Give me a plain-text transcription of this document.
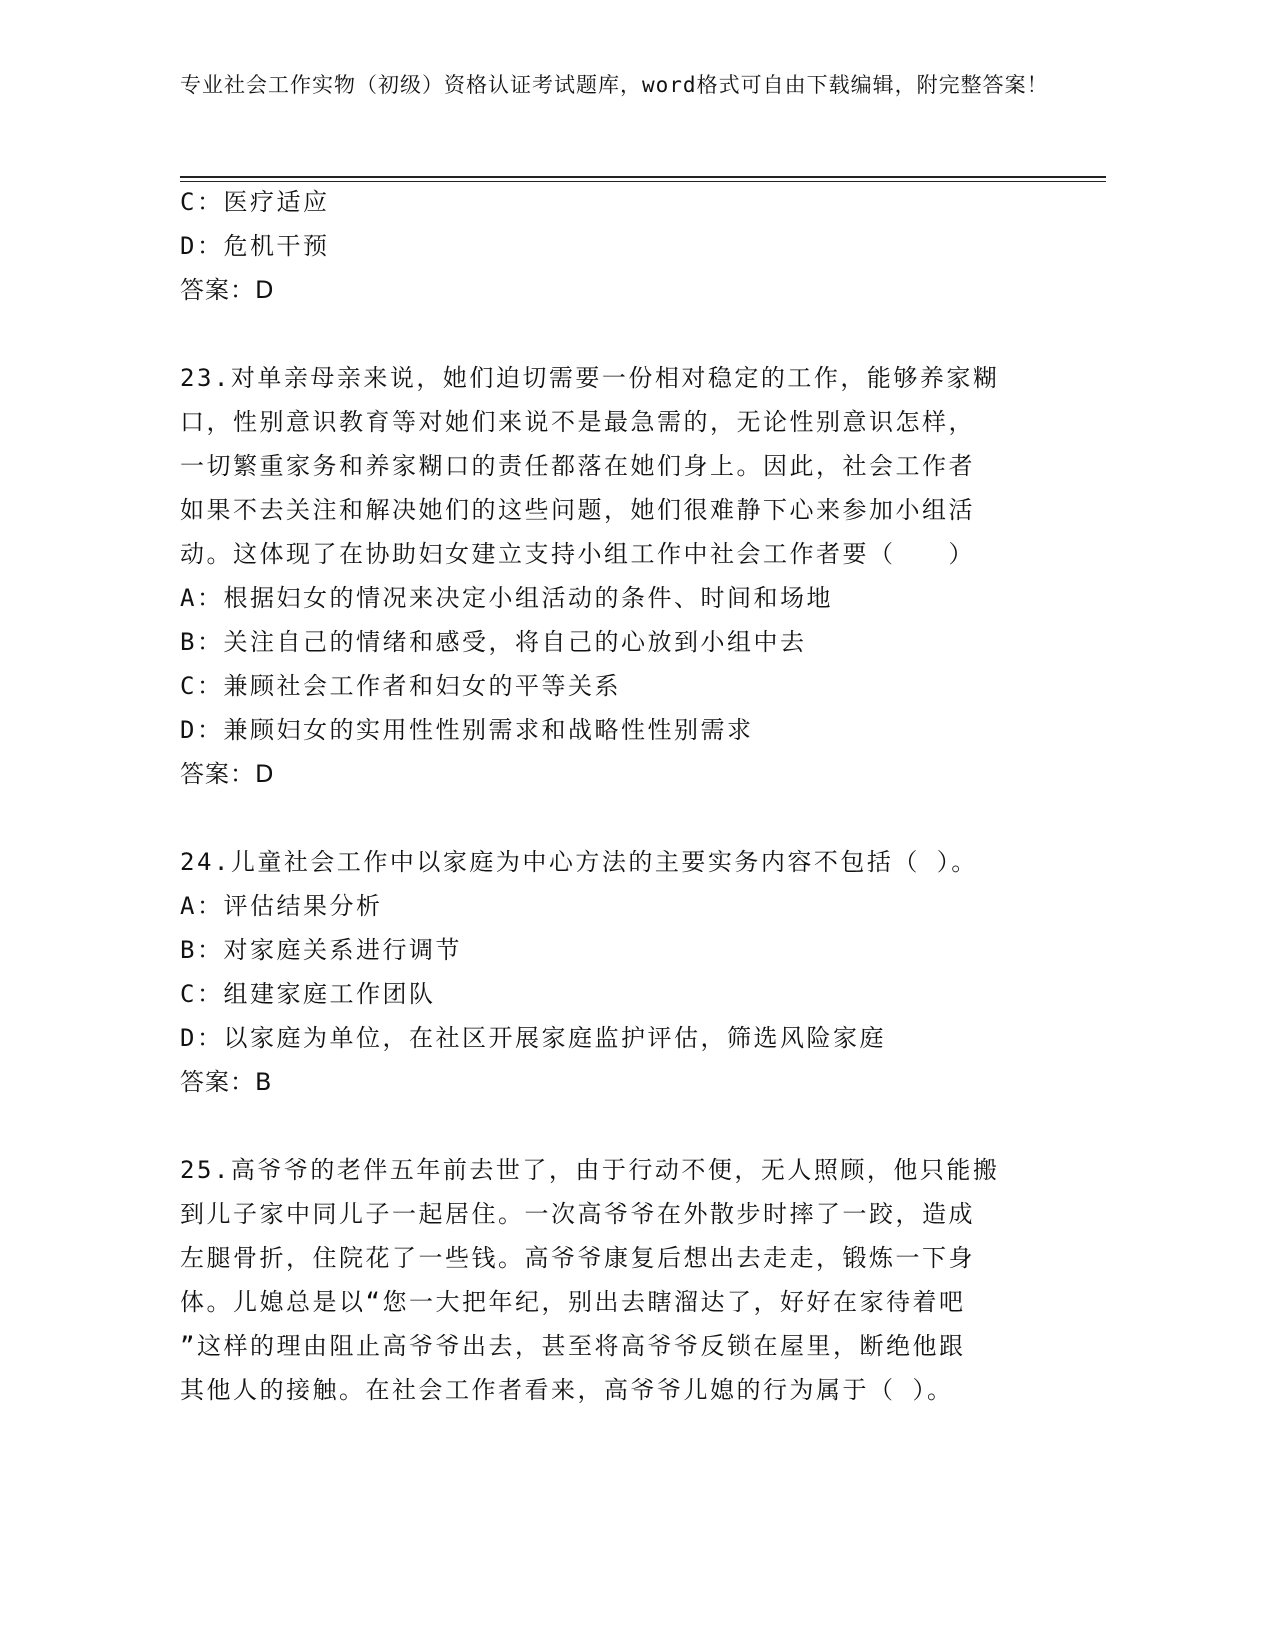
专业社会工作实物（初级）资格认证考试题库，word格式可自由下载编辑，附完整答案！
C：医疗适应
D：危机干预
答案：D
23.对单亲母亲来说，她们迫切需要一份相对稳定的工作，能够养家糊
口，性别意识教育等对她们来说不是最急需的，无论性别意识怎样，
一切繁重家务和养家糊口的责任都落在她们身上。因此，社会工作者
如果不去关注和解决她们的这些问题，她们很难静下心来参加小组活
动。这体现了在协助妇女建立支持小组工作中社会工作者要（　　）
A：根据妇女的情况来决定小组活动的条件、时间和场地
B：关注自己的情绪和感受，将自己的心放到小组中去
C：兼顾社会工作者和妇女的平等关系
D：兼顾妇女的实用性性别需求和战略性性别需求
答案：D
24.儿童社会工作中以家庭为中心方法的主要实务内容不包括（ ）。
A：评估结果分析
B：对家庭关系进行调节
C：组建家庭工作团队
D：以家庭为单位，在社区开展家庭监护评估，筛选风险家庭
答案：B
25.高爷爷的老伴五年前去世了，由于行动不便，无人照顾，他只能搬
到儿子家中同儿子一起居住。一次高爷爷在外散步时摔了一跤，造成
左腿骨折，住院花了一些钱。高爷爷康复后想出去走走，锻炼一下身
体。儿媳总是以“您一大把年纪，别出去瞎溜达了，好好在家待着吧
”这样的理由阻止高爷爷出去，甚至将高爷爷反锁在屋里，断绝他跟
其他人的接触。在社会工作者看来，高爷爷儿媳的行为属于（ ）。
